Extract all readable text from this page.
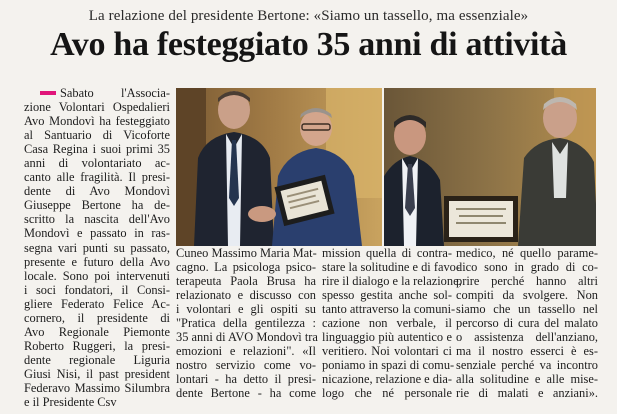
La relazione del presidente Bertone: «Siamo un tassello, ma essenziale»
Avo ha festeggiato 35 anni di attività
Sabato l'Associa-
zione Volontari Ospedalieri
Avo Mondovì ha festeggiato
al Santuario di Vicoforte
Casa Regina i suoi primi 35
anni di volontariato ac-
canto alle fragilità. Il presi-
dente di Avo Mondovì
Giuseppe Bertone ha de-
scritto la nascita dell'Avo
Mondovì e passato in ras-
segna vari punti su passato,
presente e futuro della Avo
locale. Sono poi intervenuti
i soci fondatori, il Consi-
gliere Federato Felice Ac-
cornero, il presidente di
Avo Regionale Piemonte
Roberto Ruggeri, la presi-
dente regionale Liguria
Giusi Nisi, il past president
Federavo Massimo Silumbra
e il Presidente Csv
Cuneo Massimo Maria Mat-
cagno. La psicologa psico-
terapeuta Paola Brusa ha
relazionato e discusso con
i volontari e gli ospiti su
"Pratica della gentilezza :
35 anni di AVO Mondovì tra
emozioni e relazioni". «Il
nostro servizio come vo-
lontari - ha detto il presi-
dente Bertone - ha come
mission quella di contra-
stare la solitudine e di favo-
rire il dialogo e la relazione,
spesso gestita anche sol-
tanto attraverso la comuni-
cazione non verbale, il
linguaggio più autentico e
veritiero. Noi volontari ci
poniamo in spazi di comu-
nicazione, relazione e dia-
logo che né personale
medico, né quello parame-
dico sono in grado di co-
prire perché hanno altri
compiti da svolgere. Non
siamo che un tassello nel
percorso di cura del malato
o assistenza dell'anziano,
ma il nostro esserci è es-
senziale perché va incontro
alla solitudine e alle mise-
rie di malati e anziani».
